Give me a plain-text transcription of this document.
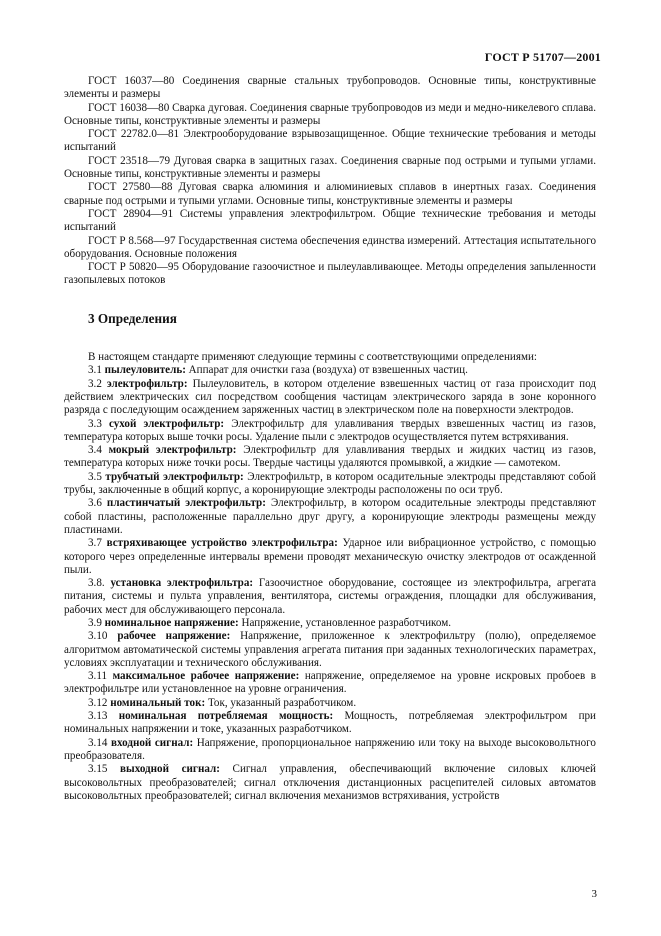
ГОСТ Р 51707—2001

ГОСТ 16037—80 Соединения сварные стальных трубопроводов. Основные типы, конструктивные элементы и размеры

ГОСТ 16038—80 Сварка дуговая. Соединения сварные трубопроводов из меди и медно-никелевого сплава. Основные типы, конструктивные элементы и размеры

ГОСТ 22782.0—81 Электрооборудование взрывозащищенное. Общие технические требования и методы испытаний

ГОСТ 23518—79 Дуговая сварка в защитных газах. Соединения сварные под острыми и тупыми углами. Основные типы, конструктивные элементы и размеры

ГОСТ 27580—88 Дуговая сварка алюминия и алюминиевых сплавов в инертных газах. Соединения сварные под острыми и тупыми углами. Основные типы, конструктивные элементы и размеры

ГОСТ 28904—91 Системы управления электрофильтром. Общие технические требования и методы испытаний

ГОСТ Р 8.568—97 Государственная система обеспечения единства измерений. Аттестация испытательного оборудования. Основные положения

ГОСТ Р 50820—95 Оборудование газоочистное и пылеулавливающее. Методы определения запыленности газопылевых потоков

3 Определения

В настоящем стандарте применяют следующие термины с соответствующими определениями:

3.1 пылеуловитель: Аппарат для очистки газа (воздуха) от взвешенных частиц.

3.2 электрофильтр: Пылеуловитель, в котором отделение взвешенных частиц от газа происходит под действием электрических сил посредством сообщения частицам электрического заряда в зоне коронного разряда с последующим осаждением заряженных частиц в электрическом поле на поверхности электродов.

3.3 сухой электрофильтр: Электрофильтр для улавливания твердых взвешенных частиц из газов, температура которых выше точки росы. Удаление пыли с электродов осуществляется путем встряхивания.

3.4 мокрый электрофильтр: Электрофильтр для улавливания твердых и жидких частиц из газов, температура которых ниже точки росы. Твердые частицы удаляются промывкой, а жидкие — самотеком.

3.5 трубчатый электрофильтр: Электрофильтр, в котором осадительные электроды представляют собой трубы, заключенные в общий корпус, а коронирующие электроды расположены по оси труб.

3.6 пластинчатый электрофильтр: Электрофильтр, в котором осадительные электроды представляют собой пластины, расположенные параллельно друг другу, а коронирующие электроды размещены между пластинами.

3.7 встряхивающее устройство электрофильтра: Ударное или вибрационное устройство, с помощью которого через определенные интервалы времени проводят механическую очистку электродов от осажденной пыли.

3.8. установка электрофильтра: Газоочистное оборудование, состоящее из электрофильтра, агрегата питания, системы и пульта управления, вентилятора, системы ограждения, площадки для обслуживания, рабочих мест для обслуживающего персонала.

3.9 номинальное напряжение: Напряжение, установленное разработчиком.

3.10 рабочее напряжение: Напряжение, приложенное к электрофильтру (полю), определяемое алгоритмом автоматической системы управления агрегата питания при заданных технологических параметрах, условиях эксплуатации и технического обслуживания.

3.11 максимальное рабочее напряжение: напряжение, определяемое на уровне искровых пробоев в электрофильтре или установленное на уровне ограничения.

3.12 номинальный ток: Ток, указанный разработчиком.

3.13 номинальная потребляемая мощность: Мощность, потребляемая электрофильтром при номинальных напряжении и токе, указанных разработчиком.

3.14 входной сигнал: Напряжение, пропорциональное напряжению или току на выходе высоковольтного преобразователя.

3.15 выходной сигнал: Сигнал управления, обеспечивающий включение силовых ключей высоковольтных преобразователей; сигнал отключения дистанционных расцепителей силовых автоматов высоковольтных преобразователей; сигнал включения механизмов встряхивания, устройств

3
